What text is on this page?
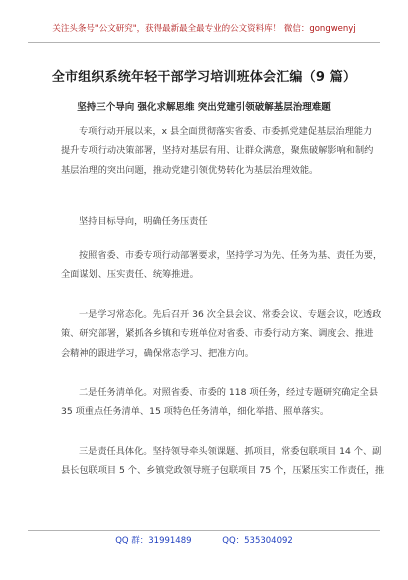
关注头条号"公文研究"，获得最新最全最专业的公文资料库！ 微信：gongwenyj
全市组织系统年轻干部学习培训班体会汇编（9 篇）
坚持三个导向 强化求解思维 突出党建引领破解基层治理难题

专项行动开展以来，x 县全面贯彻落实省委、市委抓党建促基层治理能力
提升专项行动决策部署，坚持对基层有用、让群众满意，聚焦破解影响和制约
基层治理的突出问题，推动党建引领优势转化为基层治理效能。

坚持目标导向，明确任务压责任

按照省委、市委专项行动部署要求，坚持学习为先、任务为基、责任为要，
全面谋划、压实责任、统筹推进。

一是学习常态化。先后召开 36 次全县会议、常委会议、专题会议，吃透政
策、研究部署，紧抓各乡镇和专班单位对省委、市委行动方案、调度会、推进
会精神的跟进学习，确保常态学习、把准方向。

二是任务清单化。对照省委、市委的 118 项任务，经过专题研究确定全县
35 项重点任务清单、15 项特色任务清单，细化举措、照单落实。

三是责任具体化。坚持领导牵头领课题、抓项目，常委包联项目 14 个、副
县长包联项目 5 个、乡镇党政领导班子包联项目 75 个，压紧压实工作责任，推

QQ 群：31991489	QQ：535304092
